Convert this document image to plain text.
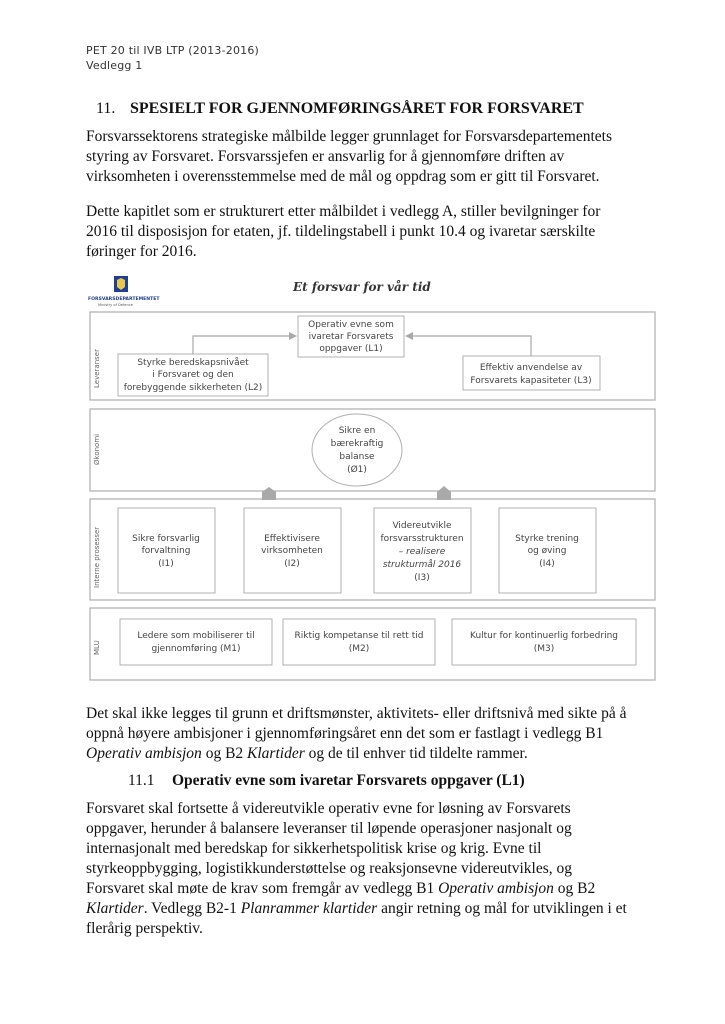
PET 20 til IVB LTP (2013-2016)
Vedlegg 1
11. SPESIELT FOR GJENNOMFØRINGSÅRET FOR FORSVARET
Forsvarssektorens strategiske målbilde legger grunnlaget for Forsvarsdepartementets
styring av Forsvaret. Forsvarssjefen er ansvarlig for å gjennomføre driften av
virksomheten i overensstemmelse med de mål og oppdrag som er gitt til Forsvaret.
Dette kapitlet som er strukturert etter målbildet i vedlegg A, stiller bevilgninger for
2016 til disposisjon for etaten, jf. tildelingstabell i punkt 10.4 og ivaretar særskilte
føringer for 2016.
FORSVARSDEPARTEMENTET
Ministry of Defence
Et forsvar for vår tid
Leveranser
Økonomi
Interne prosesser
MLU
Operativ evne som
ivaretar Forsvarets
oppgaver (L1)
Styrke beredskapsnivået
i Forsvaret og den
forebyggende sikkerheten (L2)
Effektiv anvendelse av
Forsvarets kapasiteter (L3)
Sikre en
bærekraftig
balanse
(Ø1)
Sikre forsvarlig
forvaltning
(I1)
Effektivisere
virksomheten
(I2)
Videreutvikle
forsvarsstrukturen
– realisere
strukturmål 2016
(I3)
Styrke trening
og øving
(I4)
Ledere som mobiliserer til
gjennomføring (M1)
Riktig kompetanse til rett tid
(M2)
Kultur for kontinuerlig forbedring
(M3)
Det skal ikke legges til grunn et driftsmønster, aktivitets- eller driftsnivå med sikte på å
oppnå høyere ambisjoner i gjennomføringsåret enn det som er fastlagt i vedlegg B1
Operativ ambisjon og B2 Klartider og de til enhver tid tildelte rammer.
11.1 Operativ evne som ivaretar Forsvarets oppgaver (L1)
Forsvaret skal fortsette å videreutvikle operativ evne for løsning av Forsvarets
oppgaver, herunder å balansere leveranser til løpende operasjoner nasjonalt og
internasjonalt med beredskap for sikkerhetspolitisk krise og krig. Evne til
styrkeoppbygging, logistikkunderstøttelse og reaksjonsevne videreutvikles, og
Forsvaret skal møte de krav som fremgår av vedlegg B1 Operativ ambisjon og B2
Klartider. Vedlegg B2-1 Planrammer klartider angir retning og mål for utviklingen i et
flerårig perspektiv.
